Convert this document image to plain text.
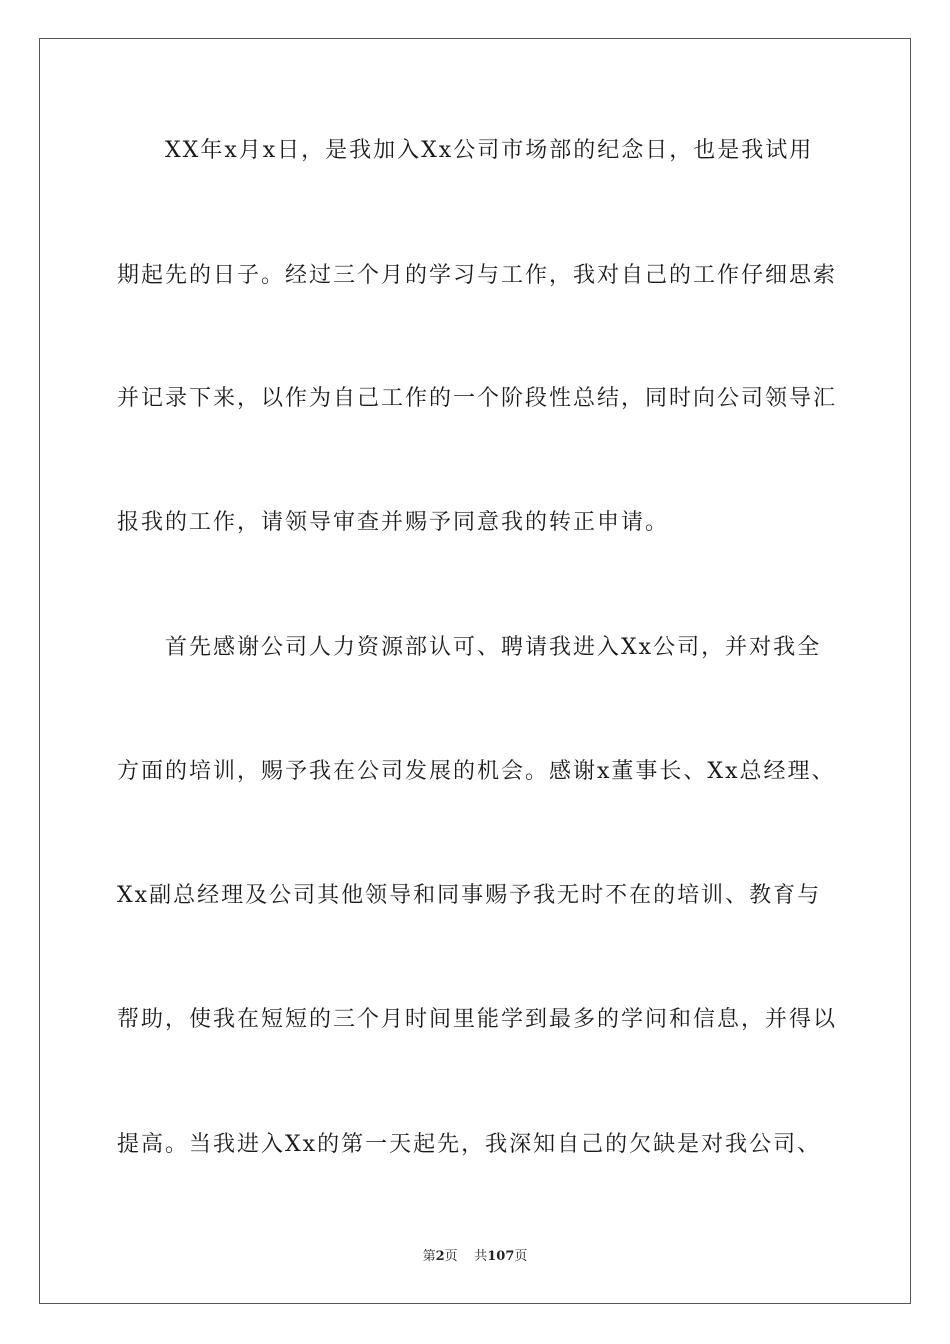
XX年x月x日，是我加入Xx公司市场部的纪念日，也是我试用
期起先的日子。经过三个月的学习与工作，我对自己的工作仔细思索
并记录下来，以作为自己工作的一个阶段性总结，同时向公司领导汇
报我的工作，请领导审查并赐予同意我的转正申请。
首先感谢公司人力资源部认可、聘请我进入Xx公司，并对我全
方面的培训，赐予我在公司发展的机会。感谢x董事长、Xx总经理、
Xx副总经理及公司其他领导和同事赐予我无时不在的培训、教育与
帮助，使我在短短的三个月时间里能学到最多的学问和信息，并得以
提高。当我进入Xx的第一天起先，我深知自己的欠缺是对我公司、
第2页 共107页
